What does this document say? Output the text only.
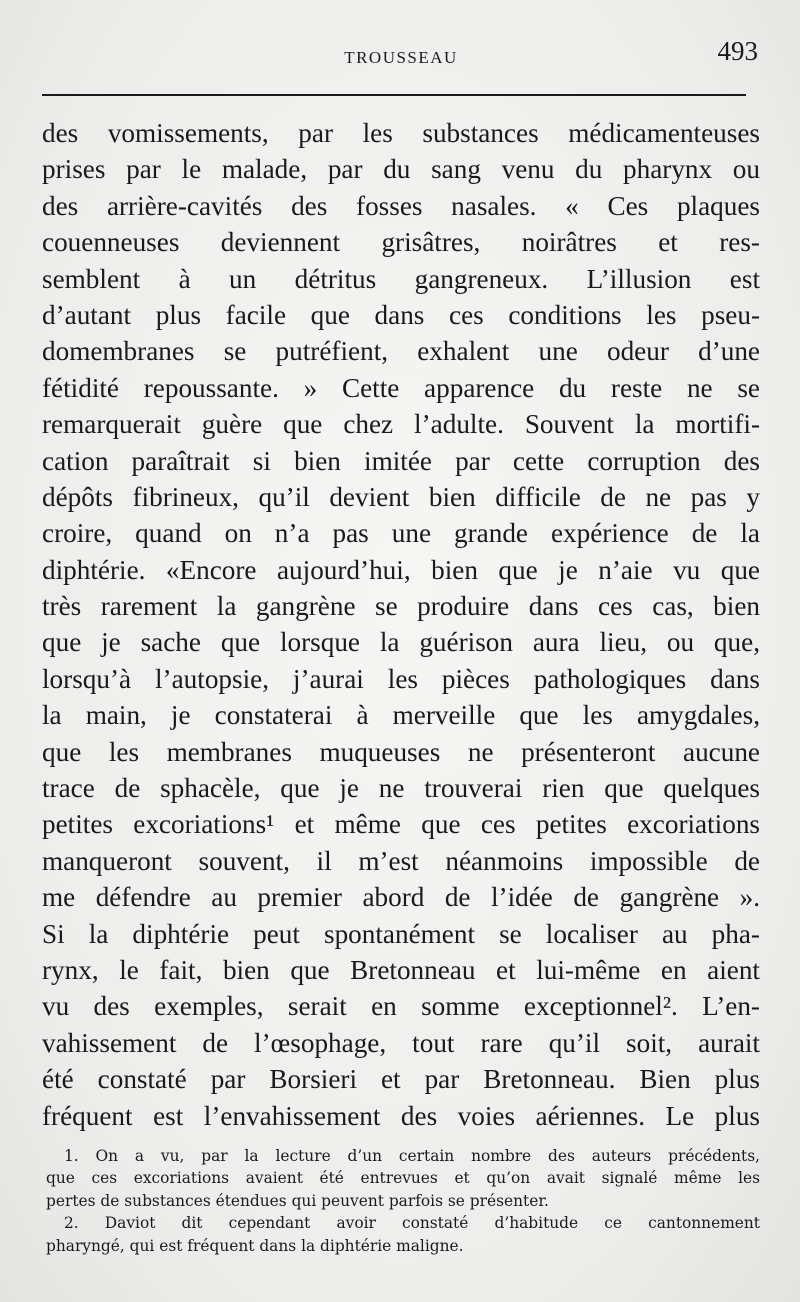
TROUSSEAU	493
des vomissements, par les substances médicamenteuses
prises par le malade, par du sang venu du pharynx ou
des arrière-cavités des fosses nasales. « Ces plaques
couenneuses deviennent grisâtres, noirâtres et res-
semblent à un détritus gangreneux. L’illusion est
d’autant plus facile que dans ces conditions les pseu-
domembranes se putréfient, exhalent une odeur d’une
fétidité repoussante. » Cette apparence du reste ne se
remarquerait guère que chez l’adulte. Souvent la mortifi-
cation paraîtrait si bien imitée par cette corruption des
dépôts fibrineux, qu’il devient bien difficile de ne pas y
croire, quand on n’a pas une grande expérience de la
diphtérie. «Encore aujourd’hui, bien que je n’aie vu que
très rarement la gangrène se produire dans ces cas, bien
que je sache que lorsque la guérison aura lieu, ou que,
lorsqu’à l’autopsie, j’aurai les pièces pathologiques dans
la main, je constaterai à merveille que les amygdales,
que les membranes muqueuses ne présenteront aucune
trace de sphacèle, que je ne trouverai rien que quelques
petites excoriations¹ et même que ces petites excoriations
manqueront souvent, il m’est néanmoins impossible de
me défendre au premier abord de l’idée de gangrène ».
Si la diphtérie peut spontanément se localiser au pha-
rynx, le fait, bien que Bretonneau et lui-même en aient
vu des exemples, serait en somme exceptionnel². L’en-
vahissement de l’œsophage, tout rare qu’il soit, aurait
été constaté par Borsieri et par Bretonneau. Bien plus
fréquent est l’envahissement des voies aériennes. Le plus
1. On a vu, par la lecture d’un certain nombre des auteurs précédents,
que ces excoriations avaient été entrevues et qu’on avait signalé même les
pertes de substances étendues qui peuvent parfois se présenter.
2. Daviot dit cependant avoir constaté d’habitude ce cantonnement
pharyngé, qui est fréquent dans la diphtérie maligne.
